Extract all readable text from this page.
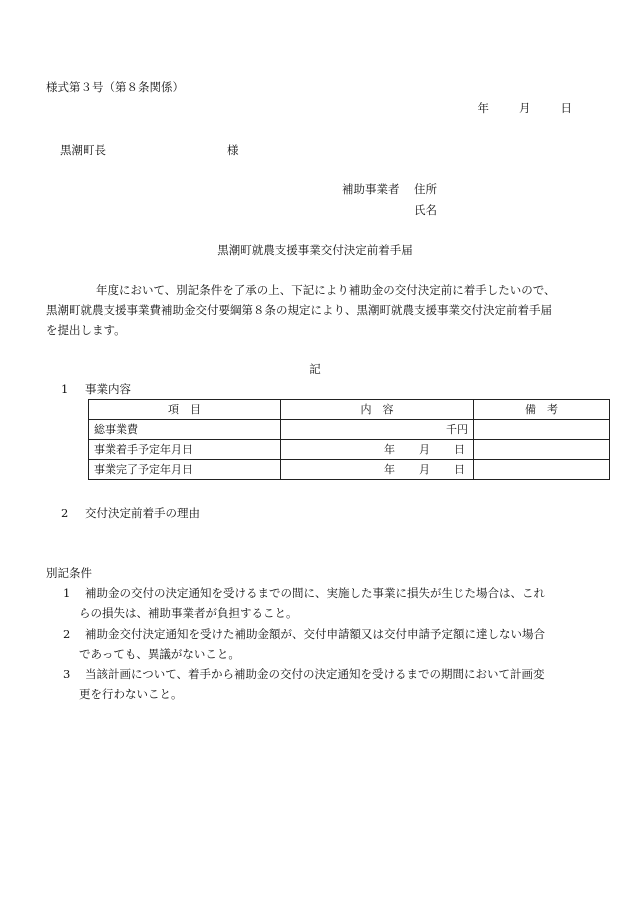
様式第３号（第８条関係）
年	月	日
黒潮町長	様
補助事業者 住所
氏名
黒潮町就農支援事業交付決定前着手届

年度において、別記条件を了承の上、下記により補助金の交付決定前に着手したいので、

黒潮町就農支援事業費補助金交付要綱第８条の規定により、黒潮町就農支援事業交付決定前着手届

を提出します。

記
1 事業内容
項　目	内　容	備　考
総事業費	千円	
事業着手予定年月日	年 月 日	
事業完了予定年月日	年 月 日	
2 交付決定前着手の理由
別記条件
1 補助金の交付の決定通知を受けるまでの間に、実施した事業に損失が生じた場合は、これ
らの損失は、補助事業者が負担すること。
2 補助金交付決定通知を受けた補助金額が、交付申請額又は交付申請予定額に達しない場合
であっても、異議がないこと。
3 当該計画について、着手から補助金の交付の決定通知を受けるまでの期間において計画変
更を行わないこと。
